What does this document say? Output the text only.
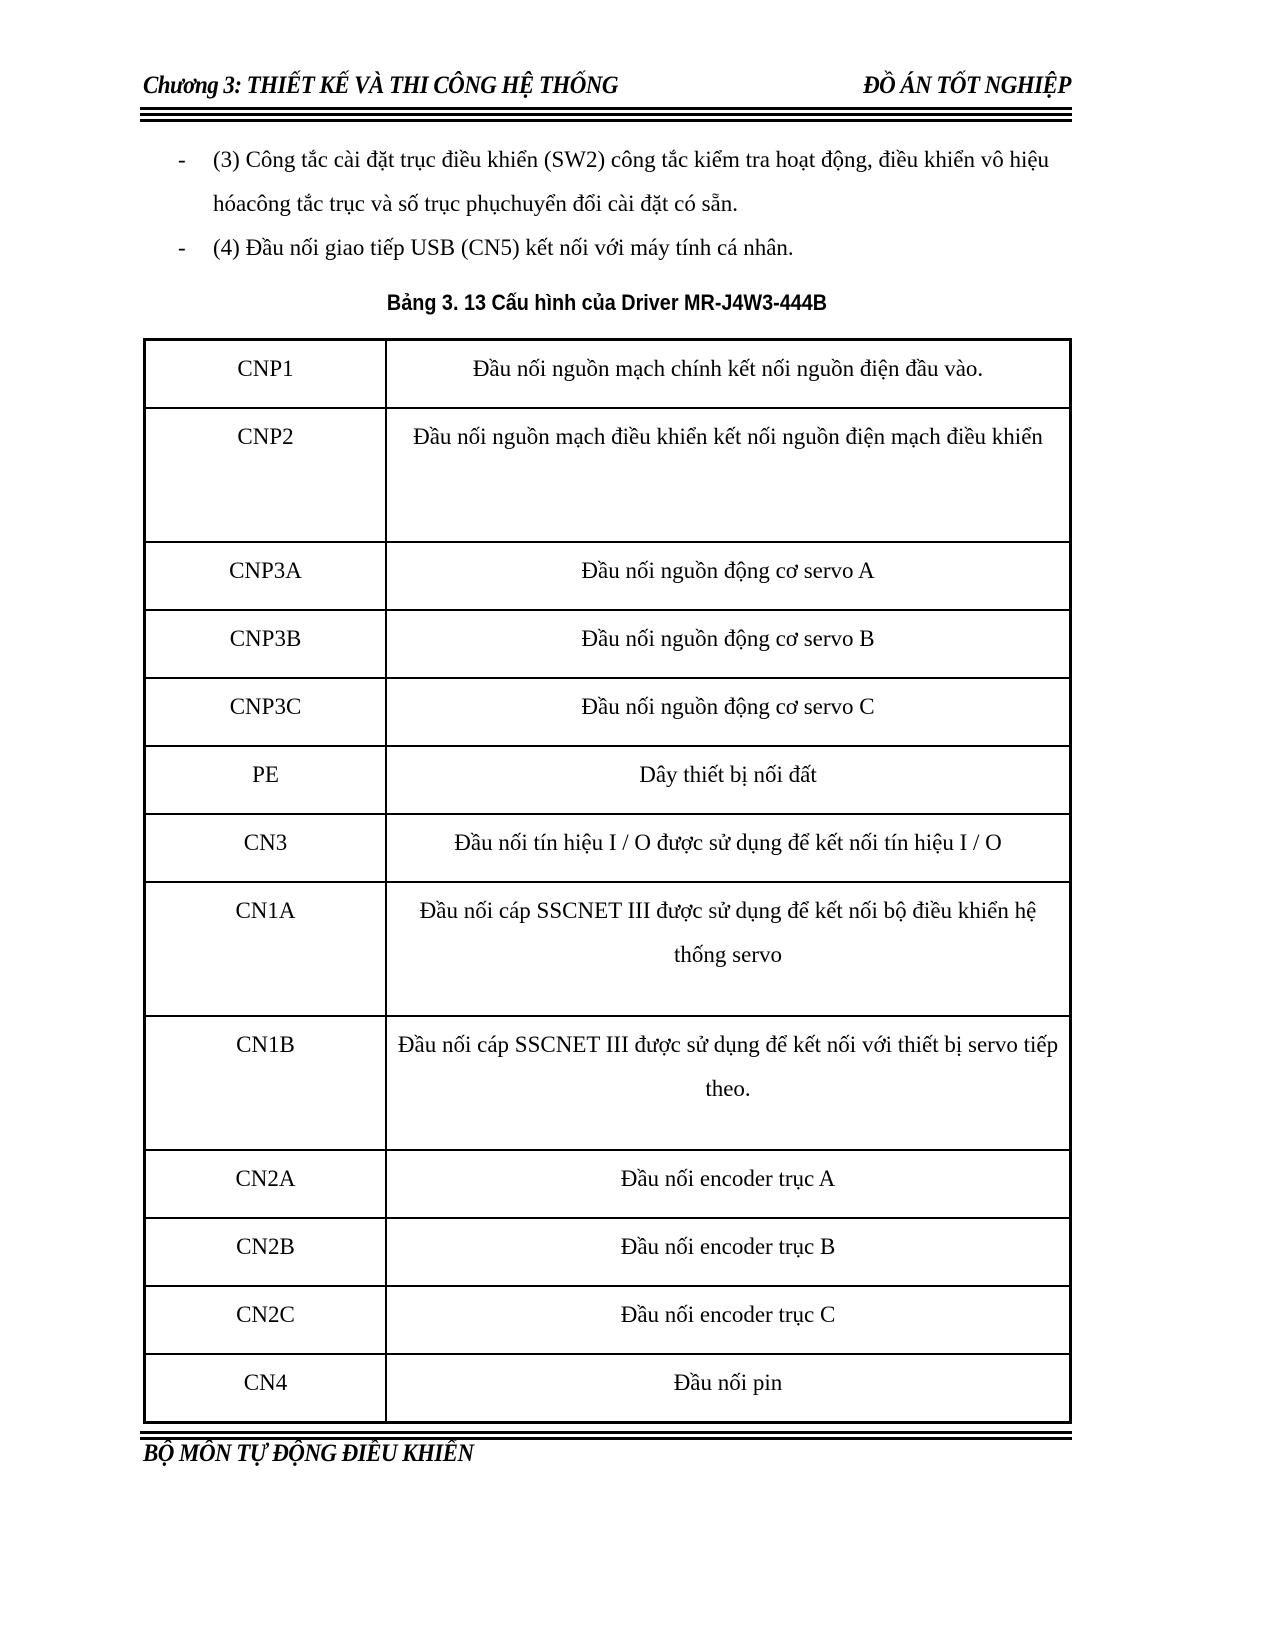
Chương 3: THIẾT KẾ VÀ THI CÔNG HỆ THỐNG	ĐỒ ÁN TỐT NGHIỆP
- (3) Công tắc cài đặt trục điều khiển (SW2) công tắc kiểm tra hoạt động, điều khiển vô hiệu hóacông tắc trục và số trục phụchuyển đổi cài đặt có sẵn.
- (4) Đầu nối giao tiếp USB (CN5) kết nối với máy tính cá nhân.
Bảng 3. 13 Cấu hình của Driver MR-J4W3-444B
CNP1	Đầu nối nguồn mạch chính kết nối nguồn điện đầu vào.
CNP2	Đầu nối nguồn mạch điều khiển kết nối nguồn điện mạch điều khiển
CNP3A	Đầu nối nguồn động cơ servo A
CNP3B	Đầu nối nguồn động cơ servo B
CNP3C	Đầu nối nguồn động cơ servo C
PE	Dây thiết bị nối đất
CN3	Đầu nối tín hiệu I / O được sử dụng để kết nối tín hiệu I / O
CN1A	Đầu nối cáp SSCNET III được sử dụng để kết nối bộ điều khiển hệ thống servo
CN1B	Đầu nối cáp SSCNET III được sử dụng để kết nối với thiết bị servo tiếp theo.
CN2A	Đầu nối encoder trục A
CN2B	Đầu nối encoder trục B
CN2C	Đầu nối encoder trục C
CN4	Đầu nối pin
BỘ MÔN TỰ ĐỘNG ĐIỀU KHIỂN
